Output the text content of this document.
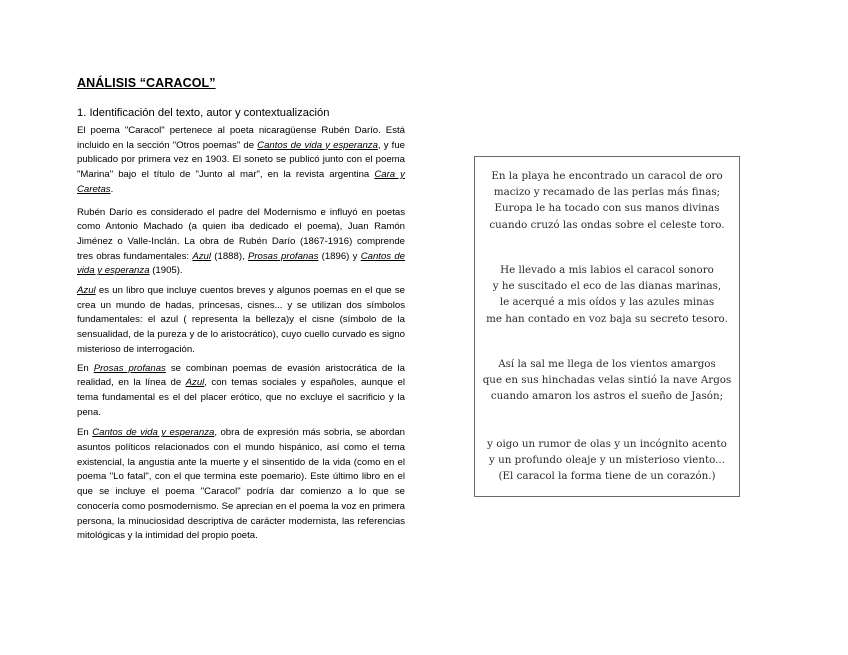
ANÁLISIS “CARACOL”
1. Identificación del texto, autor y contextualización

El poema "Caracol" pertenece al poeta nicaragüense Rubén Darío. Está incluido en la sección "Otros poemas" de Cantos de vida y esperanza, y fue publicado por primera vez en 1903. El soneto se publicó junto con el poema "Marina" bajo el título de "Junto al mar", en la revista argentina Cara y Caretas.

Rubén Darío es considerado el padre del Modernismo e influyó en poetas como Antonio Machado (a quien iba dedicado el poema), Juan Ramón Jiménez o Valle-Inclán. La obra de Rubén Darío (1867-1916) comprende tres obras fundamentales: Azul (1888), Prosas profanas (1896) y Cantos de vida y esperanza (1905).

Azul es un libro que incluye cuentos breves y algunos poemas en el que se crea un mundo de hadas, princesas, cisnes... y se utilizan dos símbolos fundamentales: el azul ( representa la belleza)y el cisne (símbolo de la sensualidad, de la pureza y de lo aristocrático), cuyo cuello curvado es signo misterioso de interrogación.

En Prosas profanas se combinan poemas de evasión aristocrática de la realidad, en la línea de Azul, con temas sociales y españoles, aunque el tema fundamental es el del placer erótico, que no excluye el sacrificio y la pena.

En Cantos de vida y esperanza, obra de expresión más sobria, se abordan asuntos políticos relacionados con el mundo hispánico, así como el tema existencial, la angustia ante la muerte y el sinsentido de la vida (como en el poema "Lo fatal", con el que termina este poemario). Este último libro en el que se incluye el poema "Caracol" podría dar comienzo a lo que se conocería como posmodernismo. Se aprecian en el poema la voz en primera persona, la minuciosidad descriptiva de carácter modernista, las referencias mitológicas y la intimidad del propio poeta.

En la playa he encontrado un caracol de oro
macizo y recamado de las perlas más finas;
Europa le ha tocado con sus manos divinas
cuando cruzó las ondas sobre el celeste toro.
He llevado a mis labios el caracol sonoro
y he suscitado el eco de las dianas marinas,
le acerqué a mis oídos y las azules minas
me han contado en voz baja su secreto tesoro.
Así la sal me llega de los vientos amargos
que en sus hinchadas velas sintió la nave Argos
cuando amaron los astros el sueño de Jasón;
y oigo un rumor de olas y un incógnito acento
y un profundo oleaje y un misterioso viento...
(El caracol la forma tiene de un corazón.)
